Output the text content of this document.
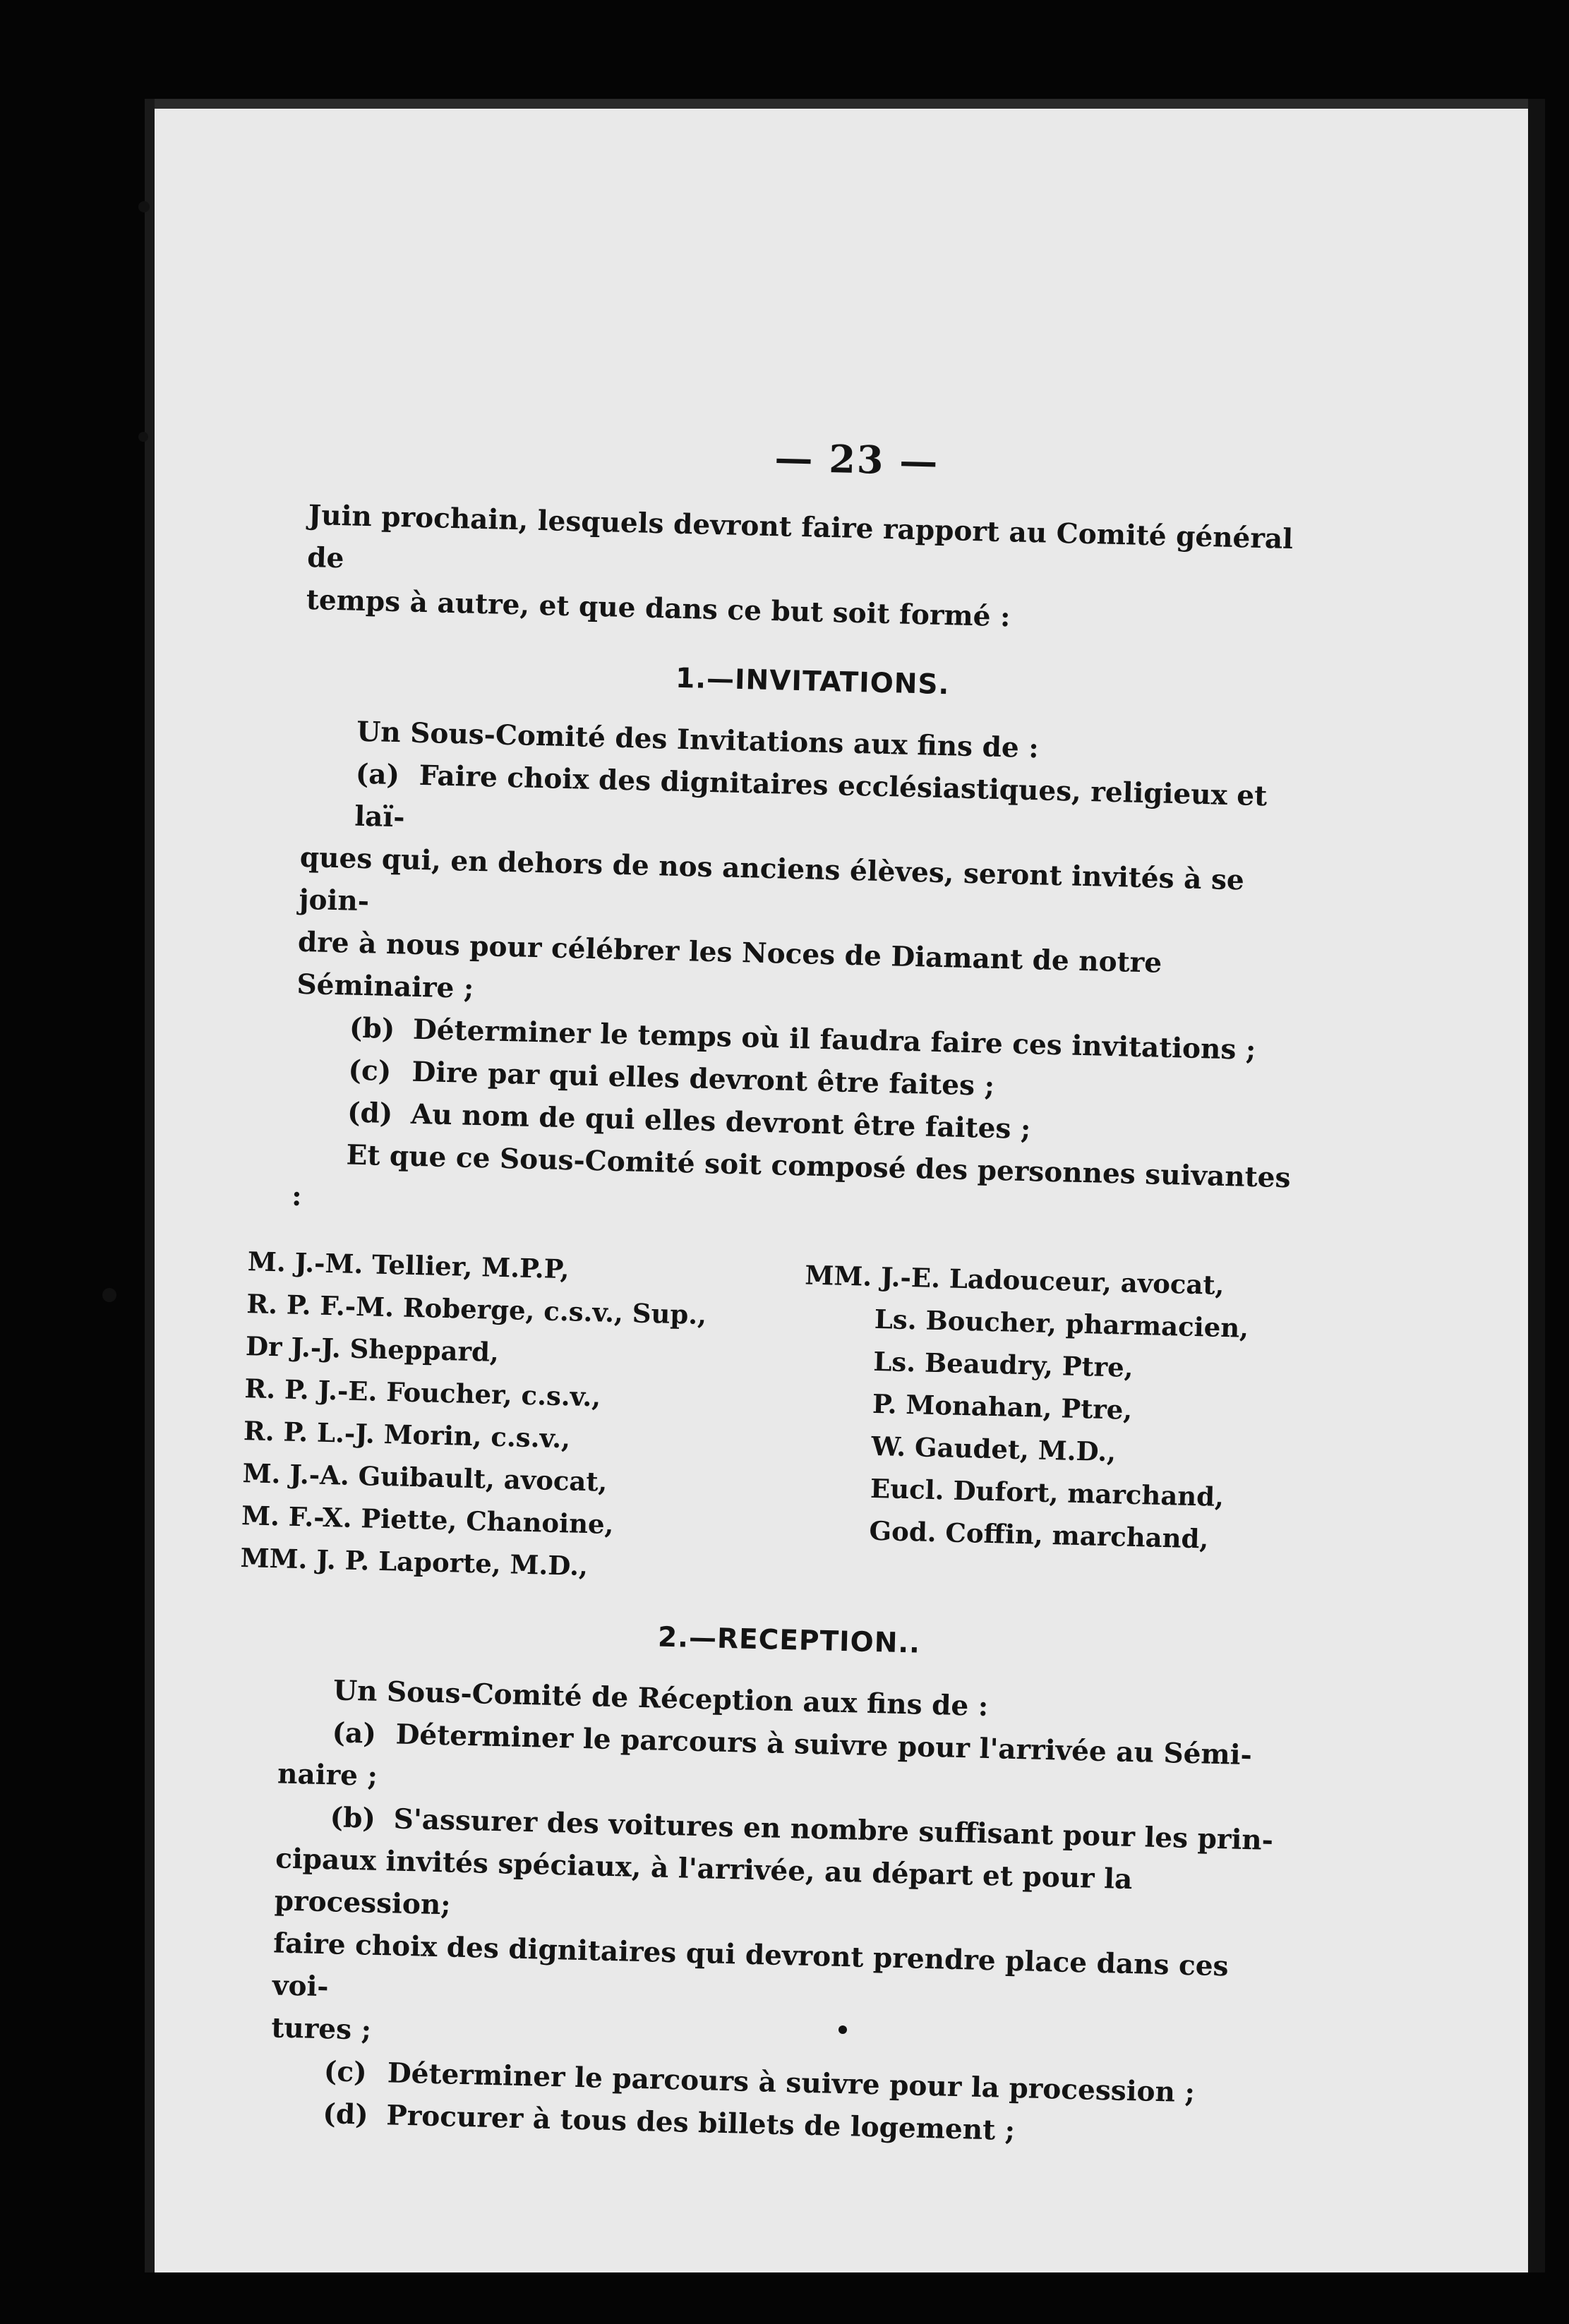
— 23 —

Juin prochain, lesquels devront faire rapport au Comité général de

temps à autre, et que dans ce but soit formé :

1.—INVITATIONS.

Un Sous-Comité des Invitations aux fins de :

(a) Faire choix des dignitaires ecclésiastiques, religieux et laï-

ques qui, en dehors de nos anciens élèves, seront invités à se join-

dre à nous pour célébrer les Noces de Diamant de notre Séminaire ;

(b) Déterminer le temps où il faudra faire ces invitations ;

(c) Dire par qui elles devront être faites ;

(d) Au nom de qui elles devront être faites ;

Et que ce Sous-Comité soit composé des personnes suivantes :

M. J.-M. Tellier, M.P.P,
R. P. F.-M. Roberge, c.s.v., Sup.,
Dr J.-J. Sheppard,
R. P. J.-E. Foucher, c.s.v.,
R. P. L.-J. Morin, c.s.v.,
M. J.-A. Guibault, avocat,
M. F.-X. Piette, Chanoine,
MM. J. P. Laporte, M.D.,
MM. J.-E. Ladouceur, avocat,
Ls. Boucher, pharmacien,
Ls. Beaudry, Ptre,
P. Monahan, Ptre,
W. Gaudet, M.D.,
Eucl. Dufort, marchand,
God. Coffin, marchand,
2.—RECEPTION..

Un Sous-Comité de Réception aux fins de :

(a) Déterminer le parcours à suivre pour l'arrivée au Sémi-

naire ;

(b) S'assurer des voitures en nombre suffisant pour les prin-

cipaux invités spéciaux, à l'arrivée, au départ et pour la procession;

faire choix des dignitaires qui devront prendre place dans ces voi-

tures ;

(c) Déterminer le parcours à suivre pour la procession ;

(d) Procurer à tous des billets de logement ;
